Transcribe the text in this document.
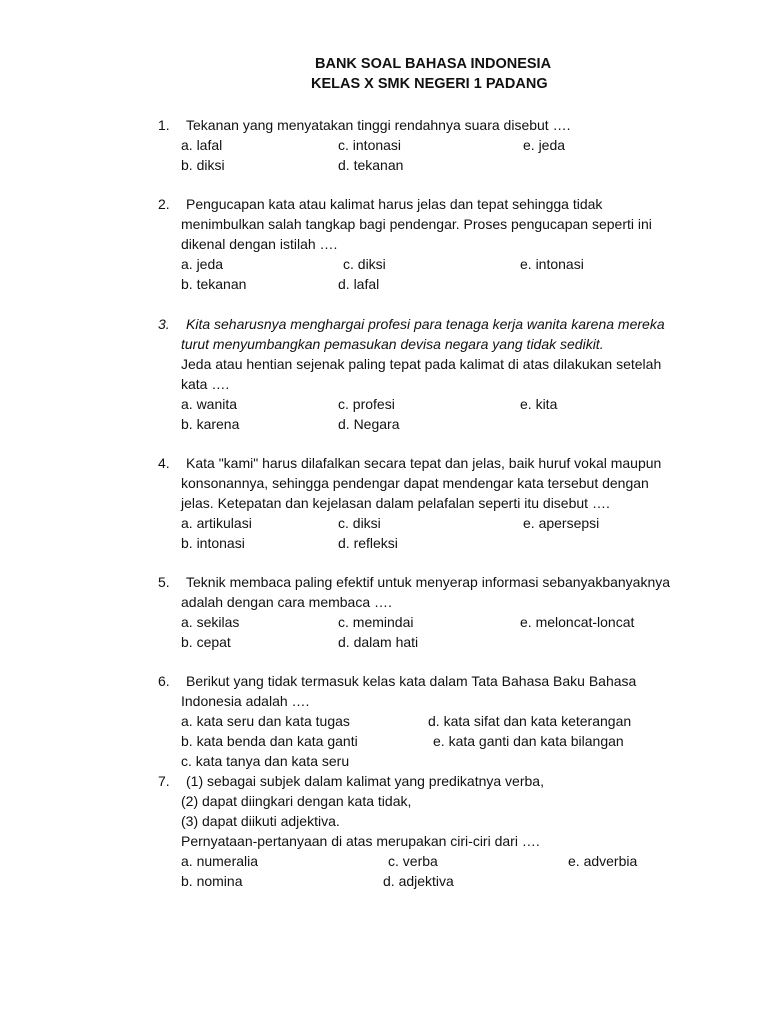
BANK SOAL BAHASA INDONESIA
KELAS X SMK NEGERI 1 PADANG
1. Tekanan yang menyatakan tinggi rendahnya suara disebut ….
a. lafal	c. intonasi	e. jeda
b. diksi	d. tekanan
2. Pengucapan kata atau kalimat harus jelas dan tepat sehingga tidak
menimbulkan salah tangkap bagi pendengar. Proses pengucapan seperti ini
dikenal dengan istilah ….
a. jeda	c. diksi	e. intonasi
b. tekanan	d. lafal
3. Kita seharusnya menghargai profesi para tenaga kerja wanita karena mereka
turut menyumbangkan pemasukan devisa negara yang tidak sedikit.
Jeda atau hentian sejenak paling tepat pada kalimat di atas dilakukan setelah
kata ….
a. wanita	c. profesi	e. kita
b. karena	d. Negara
4. Kata "kami" harus dilafalkan secara tepat dan jelas, baik huruf vokal maupun
konsonannya, sehingga pendengar dapat mendengar kata tersebut dengan
jelas. Ketepatan dan kejelasan dalam pelafalan seperti itu disebut ….
a. artikulasi	c. diksi	e. apersepsi
b. intonasi	d. refleksi
5. Teknik membaca paling efektif untuk menyerap informasi sebanyakbanyaknya
adalah dengan cara membaca ….
a. sekilas	c. memindai	e. meloncat-loncat
b. cepat	d. dalam hati
6. Berikut yang tidak termasuk kelas kata dalam Tata Bahasa Baku Bahasa
Indonesia adalah ….
a. kata seru dan kata tugas	d. kata sifat dan kata keterangan
b. kata benda dan kata ganti	e. kata ganti dan kata bilangan
c. kata tanya dan kata seru
7. (1) sebagai subjek dalam kalimat yang predikatnya verba,
(2) dapat diingkari dengan kata tidak,
(3) dapat diikuti adjektiva.
Pernyataan-pertanyaan di atas merupakan ciri-ciri dari ….
a. numeralia	c. verba	e. adverbia
b. nomina	d. adjektiva
